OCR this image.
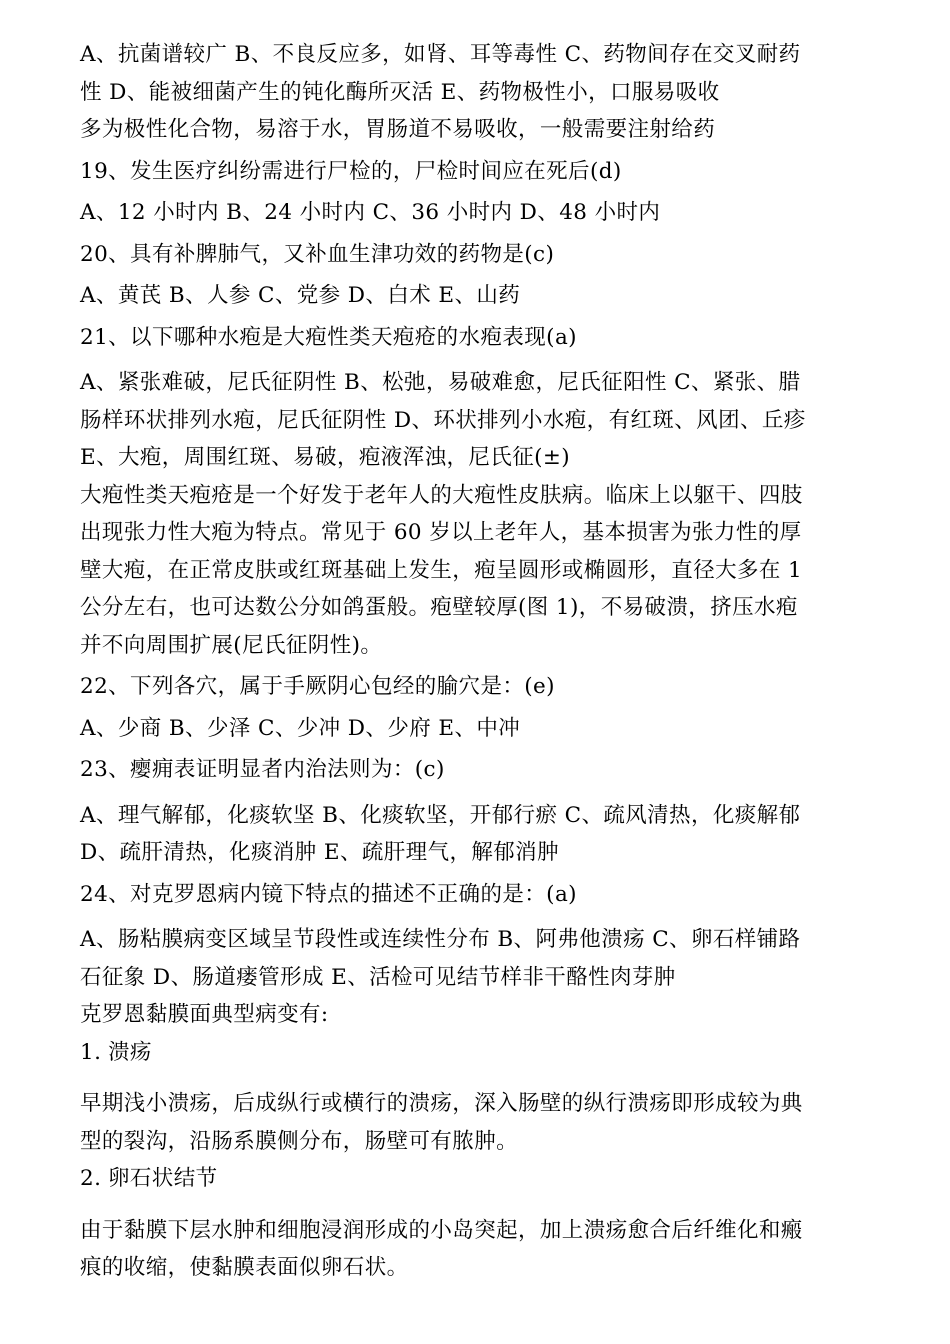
A、抗菌谱较广 B、不良反应多，如肾、耳等毒性 C、药物间存在交叉耐药

性 D、能被细菌产生的钝化酶所灭活 E、药物极性小，口服易吸收

多为极性化合物，易溶于水，胃肠道不易吸收，一般需要注射给药

19、发生医疗纠纷需进行尸检的，尸检时间应在死后(d)

A、12 小时内 B、24 小时内 C、36 小时内 D、48 小时内

20、具有补脾肺气，又补血生津功效的药物是(c)

A、黄芪 B、人参 C、党参 D、白术 E、山药

21、以下哪种水疱是大疱性类天疱疮的水疱表现(a)

A、紧张难破，尼氏征阴性 B、松弛，易破难愈，尼氏征阳性 C、紧张、腊

肠样环状排列水疱，尼氏征阴性 D、环状排列小水疱，有红斑、风团、丘疹

E、大疱，周围红斑、易破，疱液浑浊，尼氏征(±)

大疱性类天疱疮是一个好发于老年人的大疱性皮肤病。临床上以躯干、四肢

出现张力性大疱为特点。常见于 60 岁以上老年人，基本损害为张力性的厚

壁大疱，在正常皮肤或红斑基础上发生，疱呈圆形或椭圆形，直径大多在 1

公分左右，也可达数公分如鸽蛋般。疱壁较厚(图 1)，不易破溃，挤压水疱

并不向周围扩展(尼氏征阴性)。

22、下列各穴，属于手厥阴心包经的腧穴是：(e)

A、少商 B、少泽 C、少冲 D、少府 E、中冲

23、瘿痈表证明显者内治法则为：(c)

A、理气解郁，化痰软坚 B、化痰软坚，开郁行瘀 C、疏风清热，化痰解郁

D、疏肝清热，化痰消肿 E、疏肝理气，解郁消肿

24、对克罗恩病内镜下特点的描述不正确的是：(a)

A、肠粘膜病变区域呈节段性或连续性分布 B、阿弗他溃疡 C、卵石样铺路

石征象 D、肠道瘘管形成 E、活检可见结节样非干酪性肉芽肿

克罗恩黏膜面典型病变有:

1. 溃疡

早期浅小溃疡，后成纵行或横行的溃疡，深入肠壁的纵行溃疡即形成较为典

型的裂沟，沿肠系膜侧分布，肠壁可有脓肿。

2. 卵石状结节

由于黏膜下层水肿和细胞浸润形成的小岛突起，加上溃疡愈合后纤维化和瘢

痕的收缩，使黏膜表面似卵石状。
